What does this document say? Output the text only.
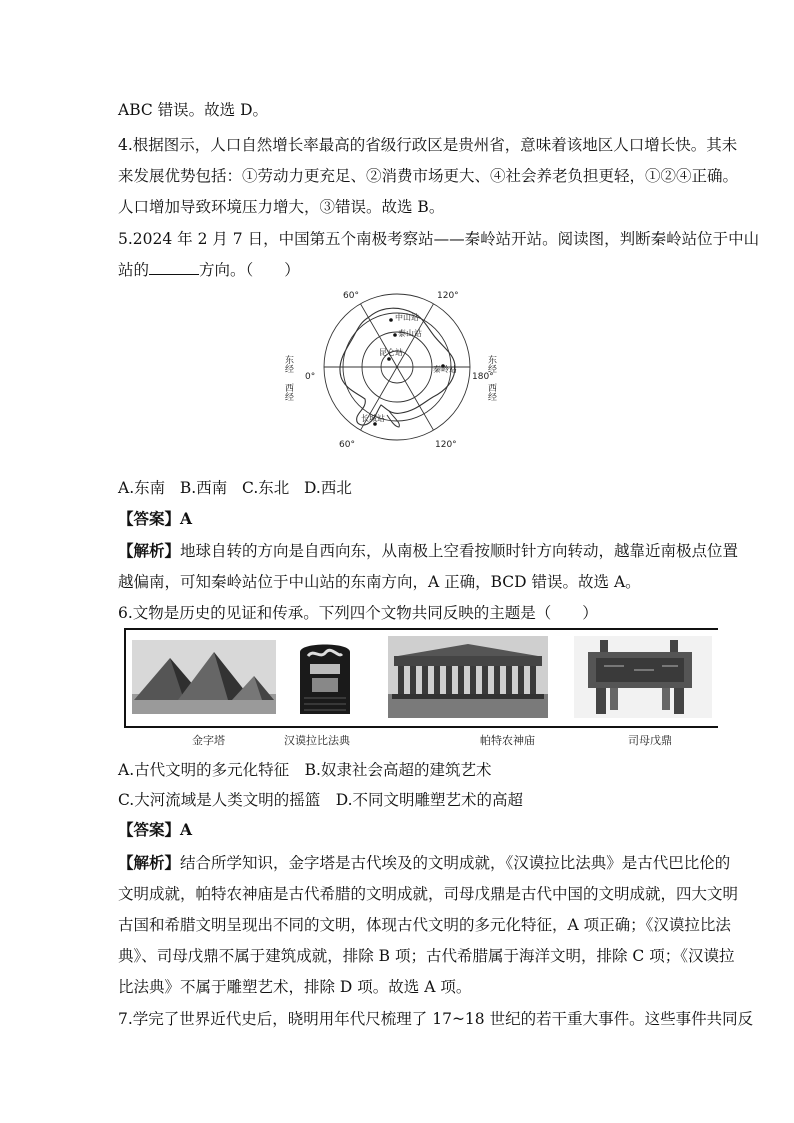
ABC 错误。故选 D。
4.根据图示，人口自然增长率最高的省级行政区是贵州省，意味着该地区人口增长快。其未
来发展优势包括：①劳动力更充足、②消费市场更大、④社会养老负担更轻，①②④正确。
人口增加导致环境压力增大，③错误。故选 B。
5.2024 年 2 月 7 日，中国第五个南极考察站——秦岭站开站。阅读图，判断秦岭站位于中山
站的	方向。（　　）
中山站
泰山站
昆仑站
秦岭站
长城站
60°	120°
60°	120°
0°	180°
东经
西经
东经
西经
A.东南 B.西南 C.东北 D.西北
【答案】A
【解析】地球自转的方向是自西向东，从南极上空看按顺时针方向转动，越靠近南极点位置
越偏南，可知秦岭站位于中山站的东南方向，A 正确，BCD 错误。故选 A。
6.文物是历史的见证和传承。下列四个文物共同反映的主题是（　　）
金字塔	汉谟拉比法典	帕特农神庙	司母戊鼎
A.古代文明的多元化特征　B.奴隶社会高超的建筑艺术
C.大河流域是人类文明的摇篮　D.不同文明雕塑艺术的高超
【答案】A
【解析】结合所学知识，金字塔是古代埃及的文明成就，《汉谟拉比法典》是古代巴比伦的
文明成就，帕特农神庙是古代希腊的文明成就，司母戊鼎是古代中国的文明成就，四大文明
古国和希腊文明呈现出不同的文明，体现古代文明的多元化特征，A 项正确；《汉谟拉比法
典》、司母戊鼎不属于建筑成就，排除 B 项；古代希腊属于海洋文明，排除 C 项；《汉谟拉
比法典》不属于雕塑艺术，排除 D 项。故选 A 项。
7.学完了世界近代史后，晓明用年代尺梳理了 17~18 世纪的若干重大事件。这些事件共同反
